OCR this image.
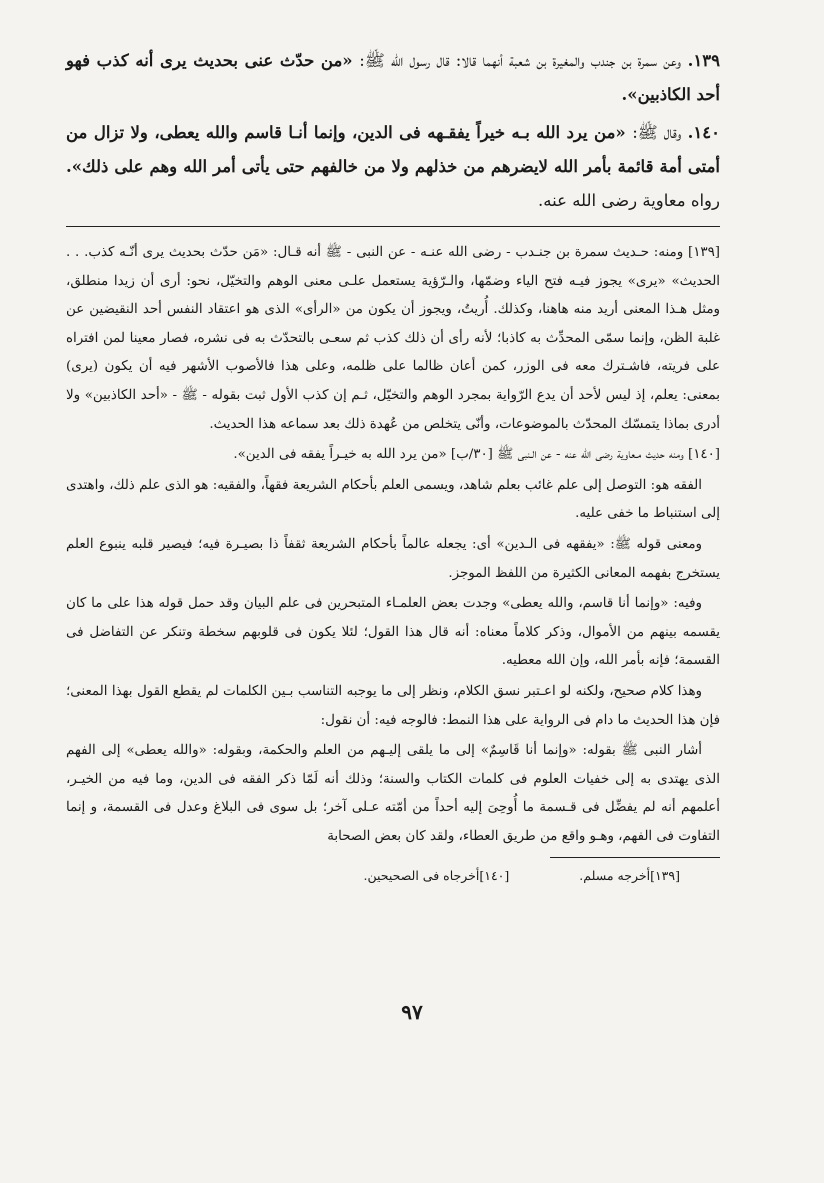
١٣٩. وعن سمرة بن جندب والمغيرة بن شعبة أنهما قالا: قال رسول الله ﷺ: «من حدّث عنى بحديث يرى أنه كذب فهو أحد الكاذبين».

١٤٠. وقال ﷺ: «من يرد الله بـه خيراً يفقـهه فى الدين، وإنما أنـا قاسم والله يعطى، ولا تزال من أمتى أمة قائمة بأمر الله لايضرهم من خذلهم ولا من خالفهم حتى يأتى أمر الله وهم على ذلك». رواه معاوية رضى الله عنه.

[١٣٩] ومنه: حـديث سمرة بن جنـدب - رضى الله عنـه - عن النبى - ﷺ أنه قـال: «مَن حدّث بحديث يرى أنّـه كذب. . . الحديث» «يرى» يجوز فيـه فتح الياء وضمّها، والـرّؤية يستعمل علـى معنى الوهم والتخيّل، نحو: أرى أن زيدا منطلق، ومثل هـذا المعنى أريد منه هاهنا، وكذلك. أُريتُ، ويجوز أن يكون من «الرأى» الذى هو اعتقاد النفس أحد النقيضين عن غلبة الظن، وإنما سمّى المحدِّث به كاذبا؛ لأنه رأى أن ذلك كذب ثم سعـى بالتحدّث به فى نشره، فصار معينا لمن افتراه على فريته، فاشـترك معه فى الوزر، كمن أعان ظالما على ظلمه، وعلى هذا فالأصوب الأشهر فيه أن يكون (يرى) بمعنى: يعلم، إذ ليس لأحد أن يدع الرّواية بمجرد الوهم والتخيّل، ثـم إن كذب الأول ثبت بقوله - ﷺ - «أحد الكاذبين» ولا أدرى بماذا يتمسّك المحدّث بالموضوعات، وأنّى يتخلص من عُهدة ذلك بعد سماعه هذا الحديث.

[١٤٠] ومنه حديث مـعاوية رضى الله عنه - عن الـنبى ﷺ [٣٠/ب] «من يرد الله به خيـراً يفقه فى الدين».

الفقه هو: التوصل إلى علم غائب بعلم شاهد، ويسمى العلم بأحكام الشريعة فقهاً، والفقيه: هو الذى علم ذلك، واهتدى إلى استنباط ما خفى عليه.

ومعنى قوله ﷺ: «يفقهه فى الـدين» أى: يجعله عالماً بأحكام الشريعة ثقفاً ذا بصيـرة فيه؛ فيصير قلبه ينبوع العلم يستخرج بفهمه المعانى الكثيرة من اللفظ الموجز.

وفيه: «وإنما أنا قاسم، والله يعطى» وجدت بعض العلمـاء المتبحرين فى علم البيان وقد حمل قوله هذا على ما كان يقسمه بينهم من الأموال، وذكر كلاماً معناه: أنه قال هذا القول؛ لئلا يكون فى قلوبهم سخطة وتنكر عن التفاضل فى القسمة؛ فإنه بأمر الله، وإن الله معطيه.

وهذا كلام صحيح، ولكنه لو اعـتبر نسق الكلام، ونظر إلى ما يوجبه التناسب بـين الكلمات لم يقطع القول بهذا المعنى؛ فإن هذا الحديث ما دام فى الرواية على هذا النمط: فالوجه فيه: أن نقول:

أشار النبى ﷺ بقوله: «وإنما أنا قَاسِمٌ» إلى ما يلقى إليـهم من العلم والحكمة، وبقوله: «والله يعطى» إلى الفهم الذى يهتدى به إلى خفيات العلوم فى كلمات الكتاب والسنة؛ وذلك أنه لَمّا ذكر الفقه فى الدين، وما فيه من الخيـر، أعلمهم أنه لم يفضِّل فى قـسمة ما أُوحِىَ إليه أحداً من أمّته عـلى آخر؛ بل سوى فى البلاغ وعدل فى القسمة، و إنما التفاوت فى الفهم، وهـو واقع من طريق العطاء، ولقد كان بعض الصحابة

[١٣٩]أخرجه مسلم.
[١٤٠]أخرجاه فى الصحيحين.
٩٧
